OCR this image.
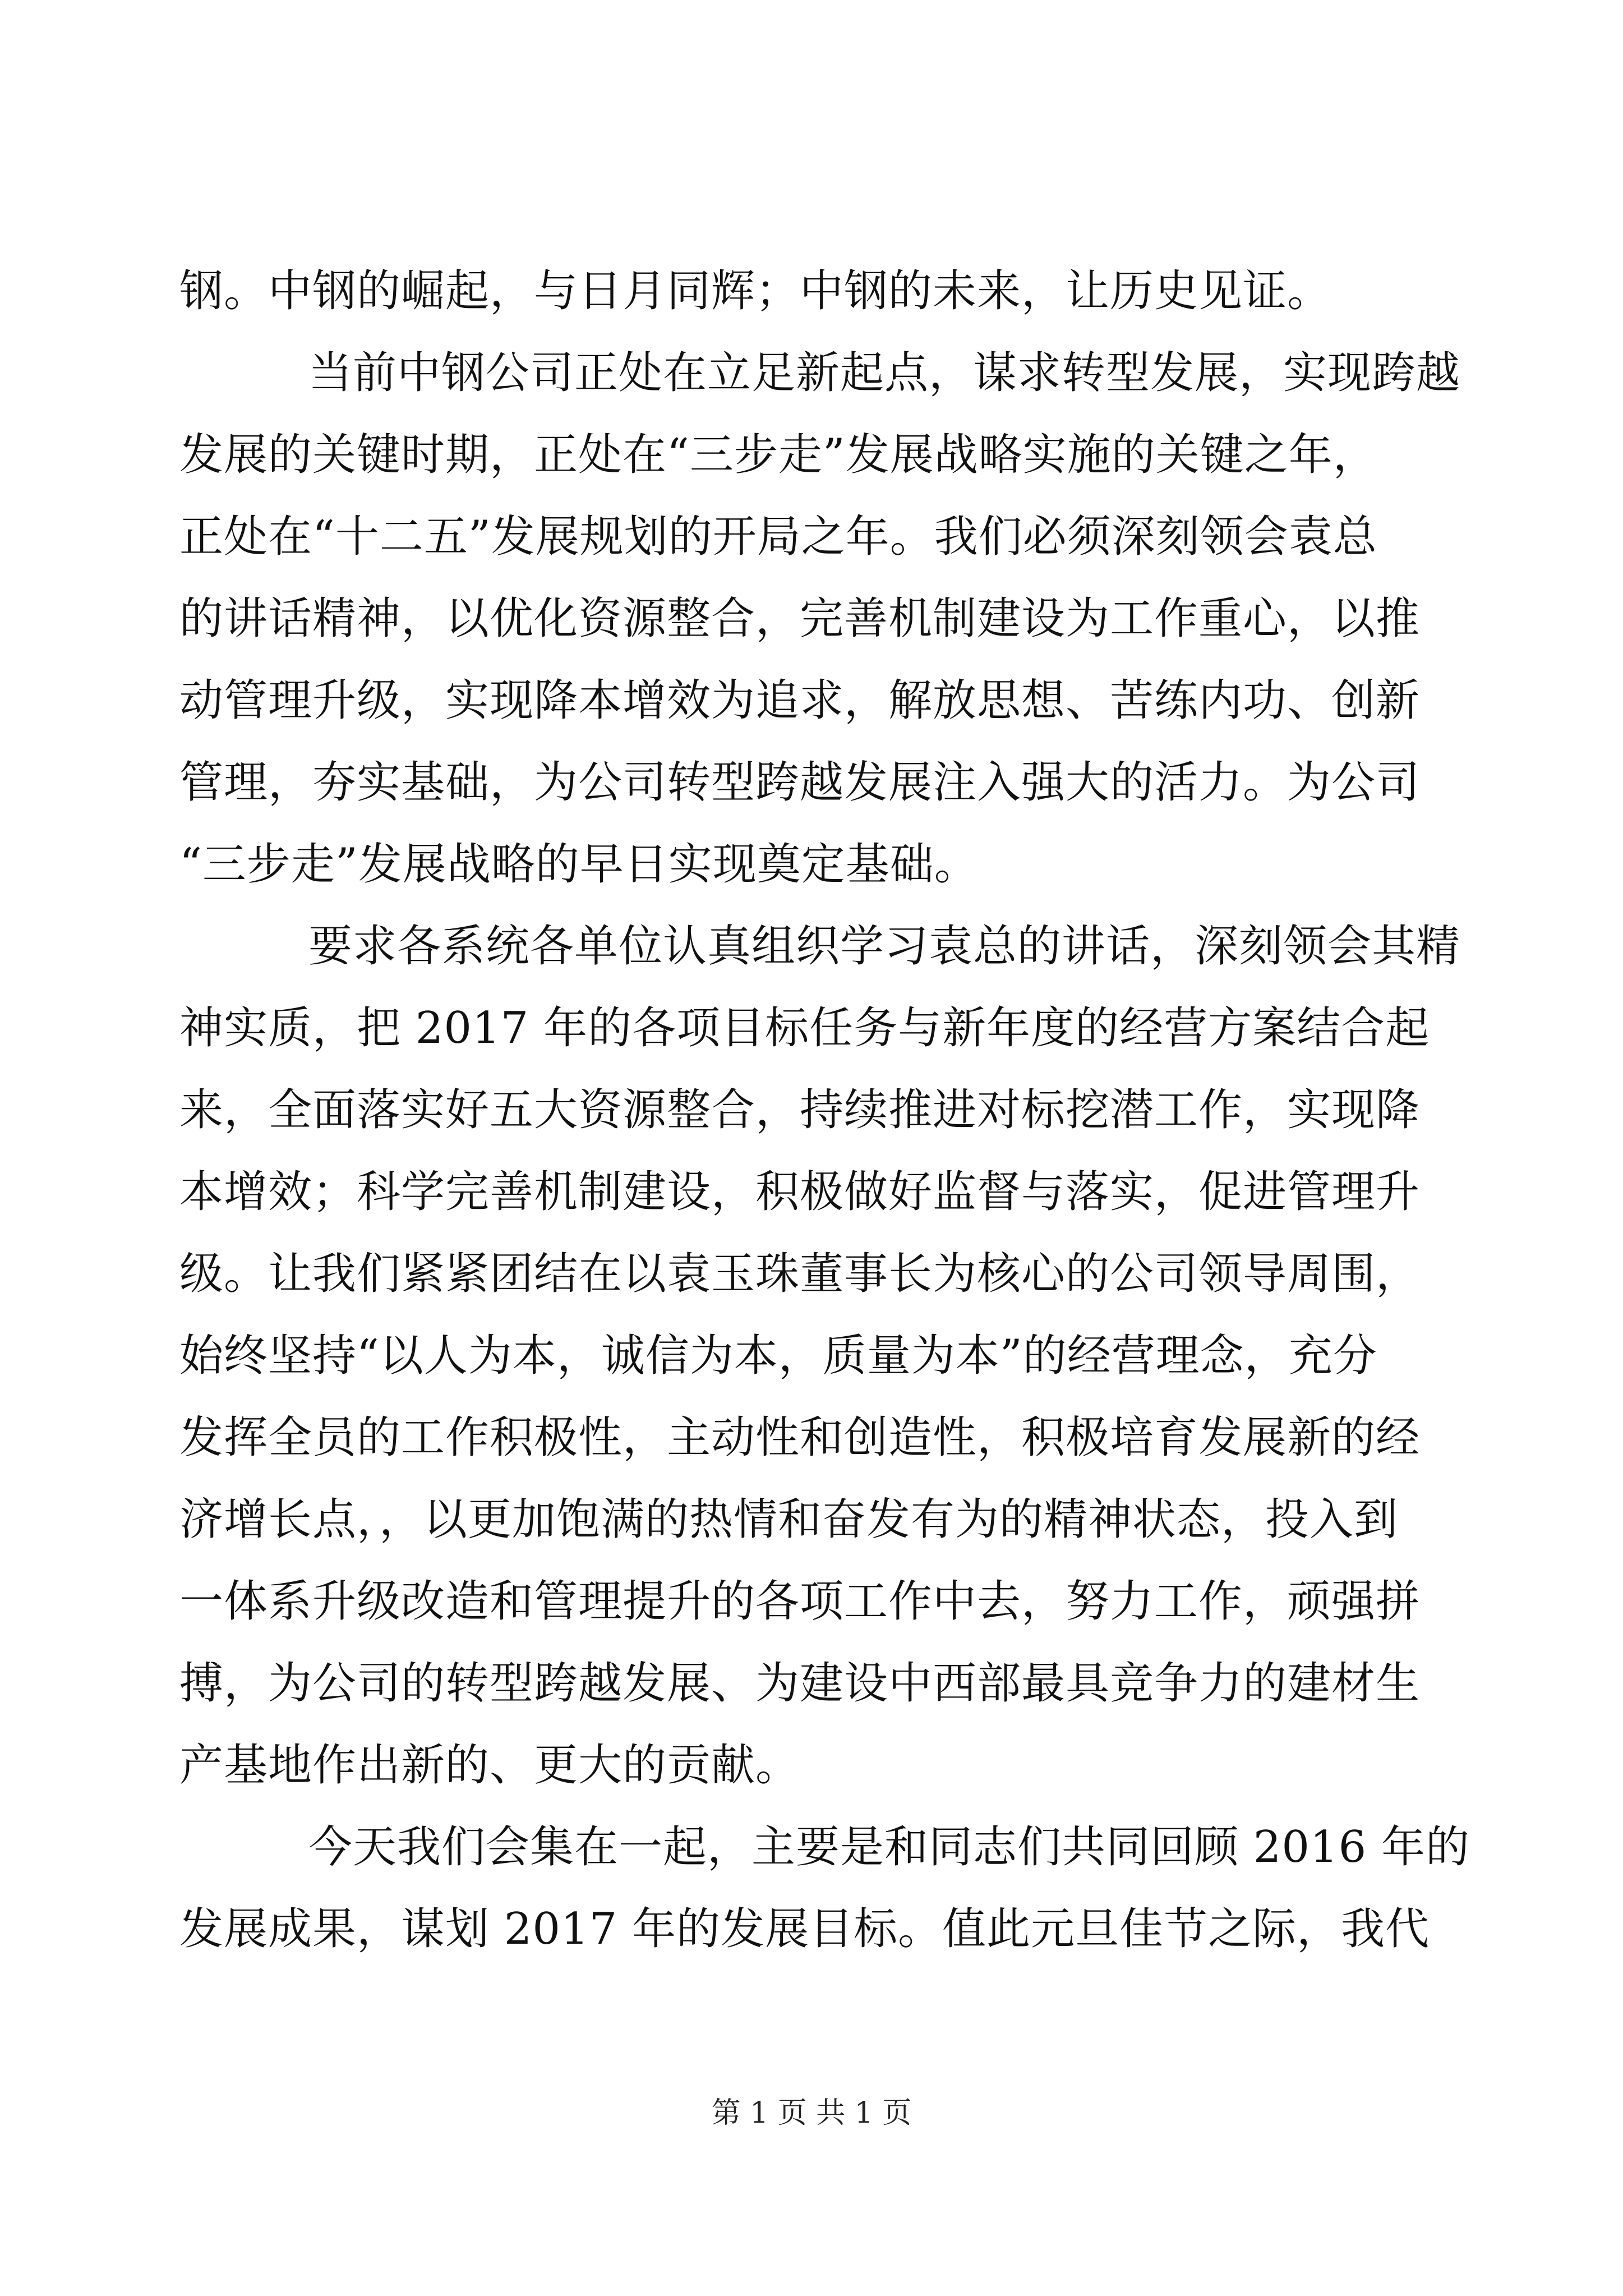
钢。中钢的崛起，与日月同辉；中钢的未来，让历史见证。
当前中钢公司正处在立足新起点，谋求转型发展，实现跨越
发展的关键时期，正处在“三步走”发展战略实施的关键之年，
正处在“十二五”发展规划的开局之年。我们必须深刻领会袁总
的讲话精神，以优化资源整合，完善机制建设为工作重心，以推
动管理升级，实现降本增效为追求，解放思想、苦练内功、创新
管理，夯实基础，为公司转型跨越发展注入强大的活力。为公司
“三步走”发展战略的早日实现奠定基础。
要求各系统各单位认真组织学习袁总的讲话，深刻领会其精
神实质，把 2017 年的各项目标任务与新年度的经营方案结合起
来，全面落实好五大资源整合，持续推进对标挖潜工作，实现降
本增效；科学完善机制建设，积极做好监督与落实，促进管理升
级。让我们紧紧团结在以袁玉珠董事长为核心的公司领导周围，
始终坚持“以人为本，诚信为本，质量为本”的经营理念，充分
发挥全员的工作积极性，主动性和创造性，积极培育发展新的经
济增长点，，以更加饱满的热情和奋发有为的精神状态，投入到
一体系升级改造和管理提升的各项工作中去，努力工作，顽强拼
搏，为公司的转型跨越发展、为建设中西部最具竞争力的建材生
产基地作出新的、更大的贡献。
今天我们会集在一起，主要是和同志们共同回顾 2016 年的
发展成果，谋划 2017 年的发展目标。值此元旦佳节之际，我代
第 1 页 共 1 页
